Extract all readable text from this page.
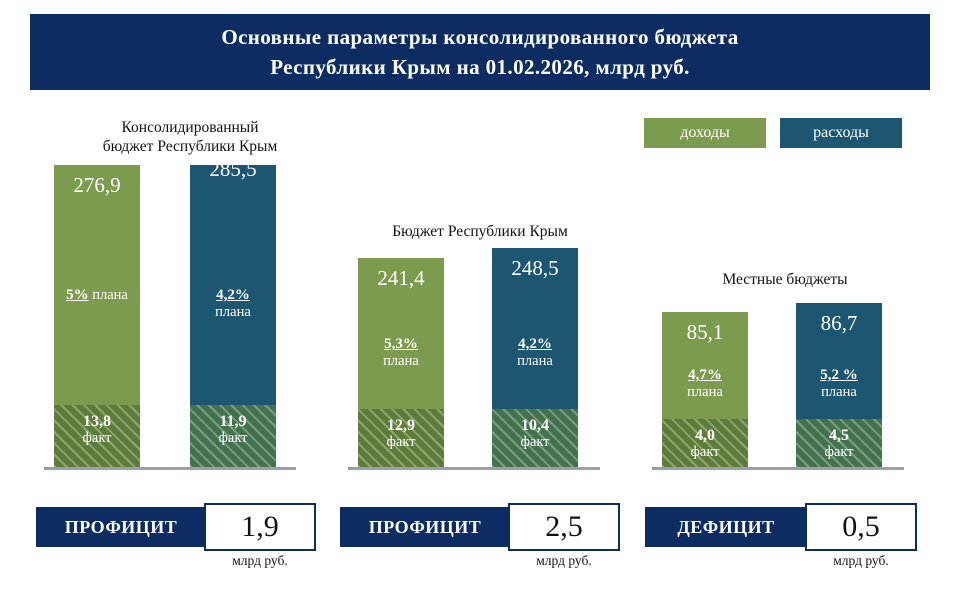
Основные параметры консолидированного бюджета
Республики Крым на 01.02.2026, млрд руб.
доходы	расходы
Консолидированный
бюджет Республики Крым
276,9
5% плана
13,8
факт
285,5
4,2%
плана
11,9
факт
Бюджет Республики Крым
241,4
5,3%
плана
12,9
факт
248,5
4,2%
плана
10,4
факт
Местные бюджеты
85,1
4,7%
плана
4,0
факт
86,7
5,2 %
плана
4,5
факт
ПРОФИЦИТ	1,9
млрд руб.
ПРОФИЦИТ	2,5
млрд руб.
ДЕФИЦИТ	0,5
млрд руб.
